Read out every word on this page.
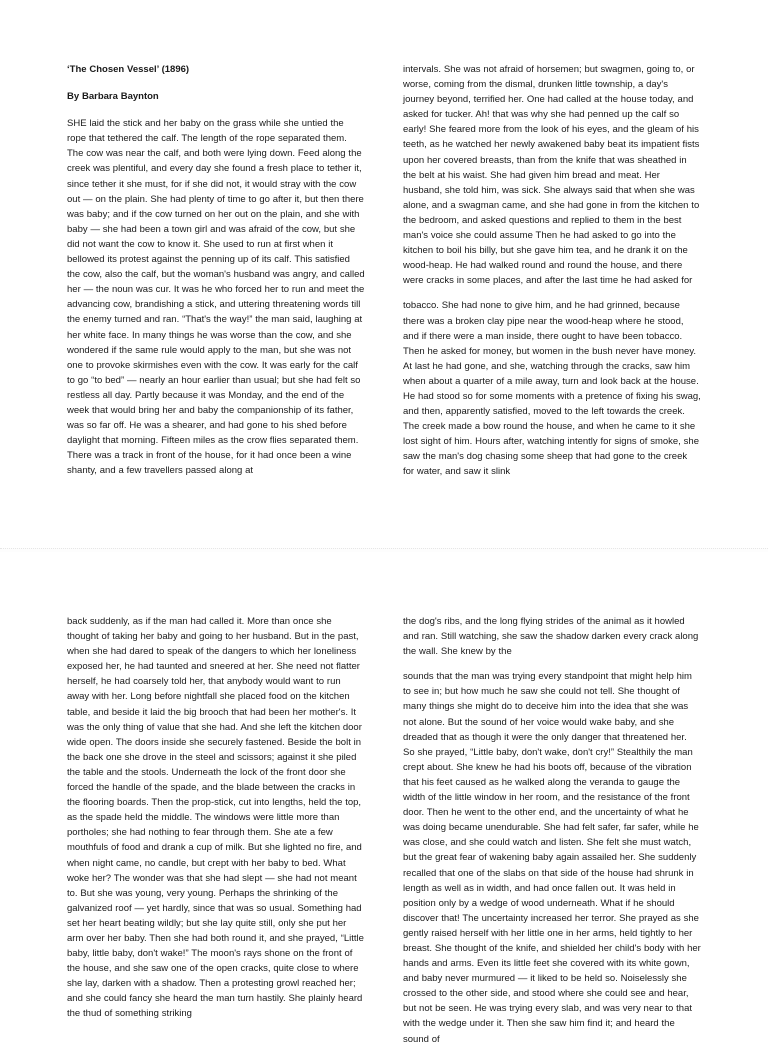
‘The Chosen Vessel’ (1896)

By Barbara Baynton

SHE laid the stick and her baby on the grass while she untied the rope that tethered the calf. The length of the rope separated them. The cow was near the calf, and both were lying down. Feed along the creek was plentiful, and every day she found a fresh place to tether it, since tether it she must, for if she did not, it would stray with the cow out — on the plain. She had plenty of time to go after it, but then there was baby; and if the cow turned on her out on the plain, and she with baby — she had been a town girl and was afraid of the cow, but she did not want the cow to know it. She used to run at first when it bellowed its protest against the penning up of its calf. This satisfied the cow, also the calf, but the woman's husband was angry, and called her — the noun was cur. It was he who forced her to run and meet the advancing cow, brandishing a stick, and uttering threatening words till the enemy turned and ran. “That's the way!” the man said, laughing at her white face. In many things he was worse than the cow, and she wondered if the same rule would apply to the man, but she was not one to provoke skirmishes even with the cow. It was early for the calf to go “to bed” — nearly an hour earlier than usual; but she had felt so restless all day. Partly because it was Monday, and the end of the week that would bring her and baby the companionship of its father, was so far off. He was a shearer, and had gone to his shed before daylight that morning. Fifteen miles as the crow flies separated them. There was a track in front of the house, for it had once been a wine shanty, and a few travellers passed along at

intervals. She was not afraid of horsemen; but swagmen, going to, or worse, coming from the dismal, drunken little township, a day's journey beyond, terrified her. One had called at the house today, and asked for tucker. Ah! that was why she had penned up the calf so early! She feared more from the look of his eyes, and the gleam of his teeth, as he watched her newly awakened baby beat its impatient fists upon her covered breasts, than from the knife that was sheathed in the belt at his waist. She had given him bread and meat. Her husband, she told him, was sick. She always said that when she was alone, and a swagman came, and she had gone in from the kitchen to the bedroom, and asked questions and replied to them in the best man's voice she could assume Then he had asked to go into the kitchen to boil his billy, but she gave him tea, and he drank it on the wood-heap. He had walked round and round the house, and there were cracks in some places, and after the last time he had asked for

tobacco. She had none to give him, and he had grinned, because there was a broken clay pipe near the wood-heap where he stood, and if there were a man inside, there ought to have been tobacco. Then he asked for money, but women in the bush never have money. At last he had gone, and she, watching through the cracks, saw him when about a quarter of a mile away, turn and look back at the house. He had stood so for some moments with a pretence of fixing his swag, and then, apparently satisfied, moved to the left towards the creek. The creek made a bow round the house, and when he came to it she lost sight of him. Hours after, watching intently for signs of smoke, she saw the man's dog chasing some sheep that had gone to the creek for water, and saw it slink

back suddenly, as if the man had called it. More than once she thought of taking her baby and going to her husband. But in the past, when she had dared to speak of the dangers to which her loneliness exposed her, he had taunted and sneered at her. She need not flatter herself, he had coarsely told her, that anybody would want to run away with her. Long before nightfall she placed food on the kitchen table, and beside it laid the big brooch that had been her mother's. It was the only thing of value that she had. And she left the kitchen door wide open. The doors inside she securely fastened. Beside the bolt in the back one she drove in the steel and scissors; against it she piled the table and the stools. Underneath the lock of the front door she forced the handle of the spade, and the blade between the cracks in the flooring boards. Then the prop-stick, cut into lengths, held the top, as the spade held the middle. The windows were little more than portholes; she had nothing to fear through them. She ate a few mouthfuls of food and drank a cup of milk. But she lighted no fire, and when night came, no candle, but crept with her baby to bed. What woke her? The wonder was that she had slept — she had not meant to. But she was young, very young. Perhaps the shrinking of the galvanized roof — yet hardly, since that was so usual. Something had set her heart beating wildly; but she lay quite still, only she put her arm over her baby. Then she had both round it, and she prayed, “Little baby, little baby, don't wake!” The moon's rays shone on the front of the house, and she saw one of the open cracks, quite close to where she lay, darken with a shadow. Then a protesting growl reached her; and she could fancy she heard the man turn hastily. She plainly heard the thud of something striking

the dog's ribs, and the long flying strides of the animal as it howled and ran. Still watching, she saw the shadow darken every crack along the wall. She knew by the

sounds that the man was trying every standpoint that might help him to see in; but how much he saw she could not tell. She thought of many things she might do to deceive him into the idea that she was not alone. But the sound of her voice would wake baby, and she dreaded that as though it were the only danger that threatened her. So she prayed, “Little baby, don't wake, don't cry!” Stealthily the man crept about. She knew he had his boots off, because of the vibration that his feet caused as he walked along the veranda to gauge the width of the little window in her room, and the resistance of the front door. Then he went to the other end, and the uncertainty of what he was doing became unendurable. She had felt safer, far safer, while he was close, and she could watch and listen. She felt she must watch, but the great fear of wakening baby again assailed her. She suddenly recalled that one of the slabs on that side of the house had shrunk in length as well as in width, and had once fallen out. It was held in position only by a wedge of wood underneath. What if he should discover that! The uncertainty increased her terror. She prayed as she gently raised herself with her little one in her arms, held tightly to her breast. She thought of the knife, and shielded her child's body with her hands and arms. Even its little feet she covered with its white gown, and baby never murmured — it liked to be held so. Noiselessly she crossed to the other side, and stood where she could see and hear, but not be seen. He was trying every slab, and was very near to that with the wedge under it. Then she saw him find it; and heard the sound of
